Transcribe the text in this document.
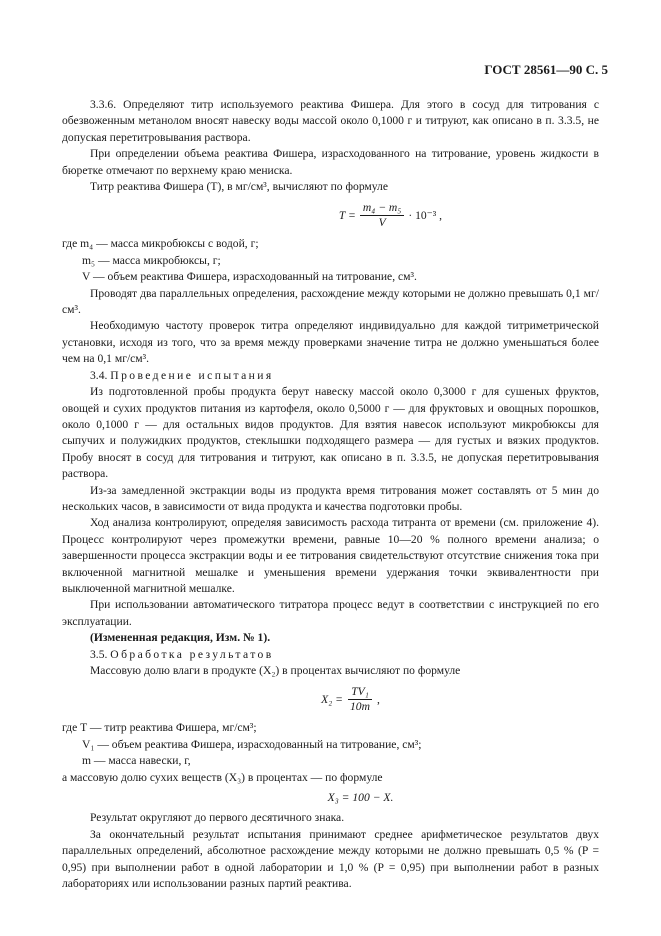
ГОСТ 28561—90 С. 5

3.3.6. Определяют титр используемого реактива Фишера. Для этого в сосуд для титрования с обезвоженным метанолом вносят навеску воды массой около 0,1000 г и титруют, как описано в п. 3.3.5, не допуская перетитровывания раствора.

При определении объема реактива Фишера, израсходованного на титрование, уровень жидкости в бюретке отмечают по верхнему краю мениска.

Титр реактива Фишера (T), в мг/см³, вычисляют по формуле

$T = \frac{\text{m₄ − m₅}}{V} \cdot 10^{-3}$ ,

где m₄ — масса микробюксы с водой, г;

m₅ — масса микробюксы, г;

V — объем реактива Фишера, израсходованный на титрование, см³.

Проводят два параллельных определения, расхождение между которыми не должно превышать 0,1 мг/см³.

Необходимую частоту проверок титра определяют индивидуально для каждой титриметрической установки, исходя из того, что за время между проверками значение титра не должно уменьшаться более чем на 0,1 мг/см³.

3.4. Проведение испытания

Из подготовленной пробы продукта берут навеску массой около 0,3000 г для сушеных фруктов, овощей и сухих продуктов питания из картофеля, около 0,5000 г — для фруктовых и овощных порошков, около 0,1000 г — для остальных видов продуктов. Для взятия навесок используют микробюксы для сыпучих и полужидких продуктов, стеклышки подходящего размера — для густых и вязких продуктов. Пробу вносят в сосуд для титрования и титруют, как описано в п. 3.3.5, не допуская перетитровывания раствора.

Из-за замедленной экстракции воды из продукта время титрования может составлять от 5 мин до нескольких часов, в зависимости от вида продукта и качества подготовки пробы.

Ход анализа контролируют, определяя зависимость расхода титранта от времени (см. приложение 4). Процесс контролируют через промежутки времени, равные 10—20 % полного времени анализа; о завершенности процесса экстракции воды и ее титрования свидетельствуют отсутствие снижения тока при включенной магнитной мешалке и уменьшения времени удержания точки эквивалентности при выключенной магнитной мешалке.

При использовании автоматического титратора процесс ведут в соответствии с инструкцией по его эксплуатации.

(Измененная редакция, Изм. № 1).

3.5. Обработка результатов

Массовую долю влаги в продукте (X₂) в процентах вычисляют по формуле

$X_2 = \frac{\text{TV₁}}{10m}$ ,

где T — титр реактива Фишера, мг/см³;

V₁ — объем реактива Фишера, израсходованный на титрование, см³;

m — масса навески, г,

а массовую долю сухих веществ (X₃) в процентах — по формуле

X₃ = 100 − X.

Результат округляют до первого десятичного знака.

За окончательный результат испытания принимают среднее арифметическое результатов двух параллельных определений, абсолютное расхождение между которыми не должно превышать 0,5 % (P = 0,95) при выполнении работ в одной лаборатории и 1,0 % (P = 0,95) при выполнении работ в разных лабораториях или использовании разных партий реактива.
